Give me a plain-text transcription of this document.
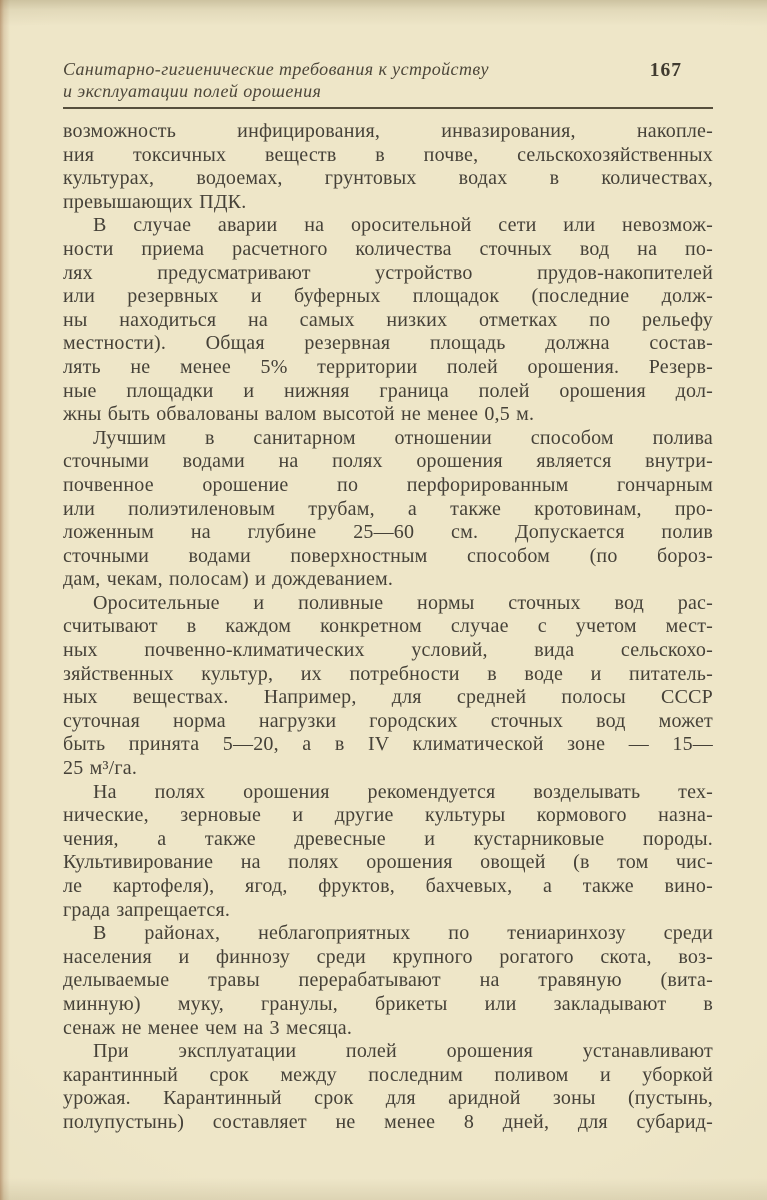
Санитарно-гигиенические требования к устройству
и эксплуатации полей орошения
167
возможность инфицирования, инвазирования, накопле-
ния токсичных веществ в почве, сельскохозяйственных
культурах, водоемах, грунтовых водах в количествах,
превышающих ПДК.
В случае аварии на оросительной сети или невозмож-
ности приема расчетного количества сточных вод на по-
лях предусматривают устройство прудов-накопителей
или резервных и буферных площадок (последние долж-
ны находиться на самых низких отметках по рельефу
местности). Общая резервная площадь должна состав-
лять не менее 5% территории полей орошения. Резерв-
ные площадки и нижняя граница полей орошения дол-
жны быть обвалованы валом высотой не менее 0,5 м.
Лучшим в санитарном отношении способом полива
сточными водами на полях орошения является внутри-
почвенное орошение по перфорированным гончарным
или полиэтиленовым трубам, а также кротовинам, про-
ложенным на глубине 25—60 см. Допускается полив
сточными водами поверхностным способом (по бороз-
дам, чекам, полосам) и дождеванием.
Оросительные и поливные нормы сточных вод рас-
считывают в каждом конкретном случае с учетом мест-
ных почвенно-климатических условий, вида сельскохо-
зяйственных культур, их потребности в воде и питатель-
ных веществах. Например, для средней полосы СССР
суточная норма нагрузки городских сточных вод может
быть принята 5—20, а в IV климатической зоне — 15—
25 м³/га.
На полях орошения рекомендуется возделывать тех-
нические, зерновые и другие культуры кормового назна-
чения, а также древесные и кустарниковые породы.
Культивирование на полях орошения овощей (в том чис-
ле картофеля), ягод, фруктов, бахчевых, а также вино-
града запрещается.
В районах, неблагоприятных по тениаринхозу среди
населения и финнозу среди крупного рогатого скота, воз-
делываемые травы перерабатывают на травяную (вита-
минную) муку, гранулы, брикеты или закладывают в
сенаж не менее чем на 3 месяца.
При эксплуатации полей орошения устанавливают
карантинный срок между последним поливом и уборкой
урожая. Карантинный срок для аридной зоны (пустынь,
полупустынь) составляет не менее 8 дней, для субарид-
